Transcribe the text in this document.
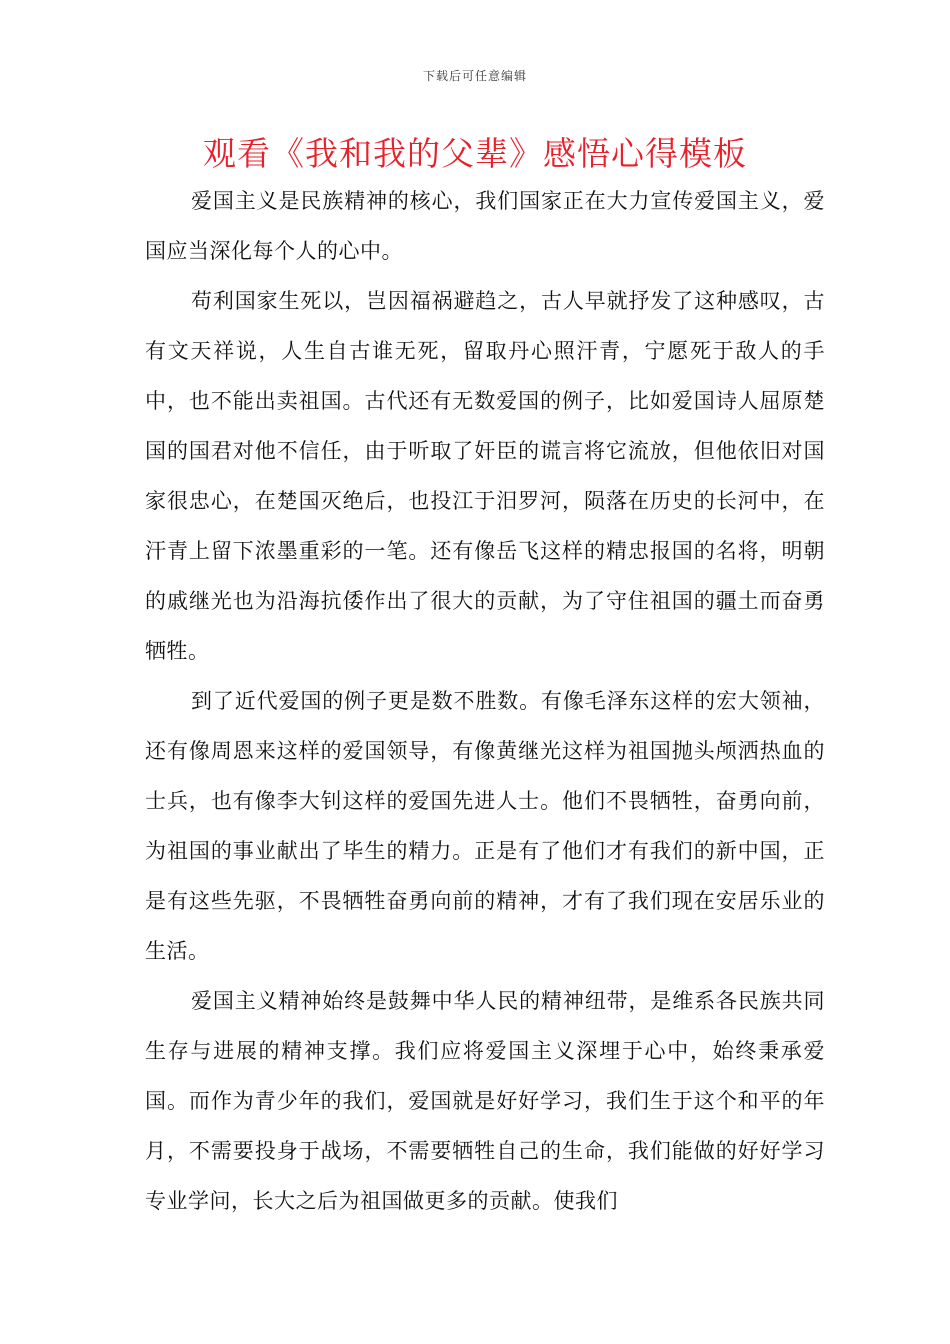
下载后可任意编辑
观看《我和我的父辈》感悟心得模板

爱国主义是民族精神的核心，我们国家正在大力宣传爱国主义，爱国应当深化每个人的心中。

苟利国家生死以，岂因福祸避趋之，古人早就抒发了这种感叹，古有文天祥说，人生自古谁无死，留取丹心照汗青，宁愿死于敌人的手中，也不能出卖祖国。古代还有无数爱国的例子，比如爱国诗人屈原楚国的国君对他不信任，由于听取了奸臣的谎言将它流放，但他依旧对国家很忠心，在楚国灭绝后，也投江于汨罗河，陨落在历史的长河中，在汗青上留下浓墨重彩的一笔。还有像岳飞这样的精忠报国的名将，明朝的戚继光也为沿海抗倭作出了很大的贡献，为了守住祖国的疆土而奋勇牺牲。

到了近代爱国的例子更是数不胜数。有像毛泽东这样的宏大领袖，还有像周恩来这样的爱国领导，有像黄继光这样为祖国抛头颅洒热血的士兵，也有像李大钊这样的爱国先进人士。他们不畏牺牲，奋勇向前，为祖国的事业献出了毕生的精力。正是有了他们才有我们的新中国，正是有这些先驱，不畏牺牲奋勇向前的精神，才有了我们现在安居乐业的生活。

爱国主义精神始终是鼓舞中华人民的精神纽带，是维系各民族共同生存与进展的精神支撑。我们应将爱国主义深埋于心中，始终秉承爱国。而作为青少年的我们，爱国就是好好学习，我们生于这个和平的年月，不需要投身于战场，不需要牺牲自己的生命，我们能做的好好学习专业学问，长大之后为祖国做更多的贡献。使我们
